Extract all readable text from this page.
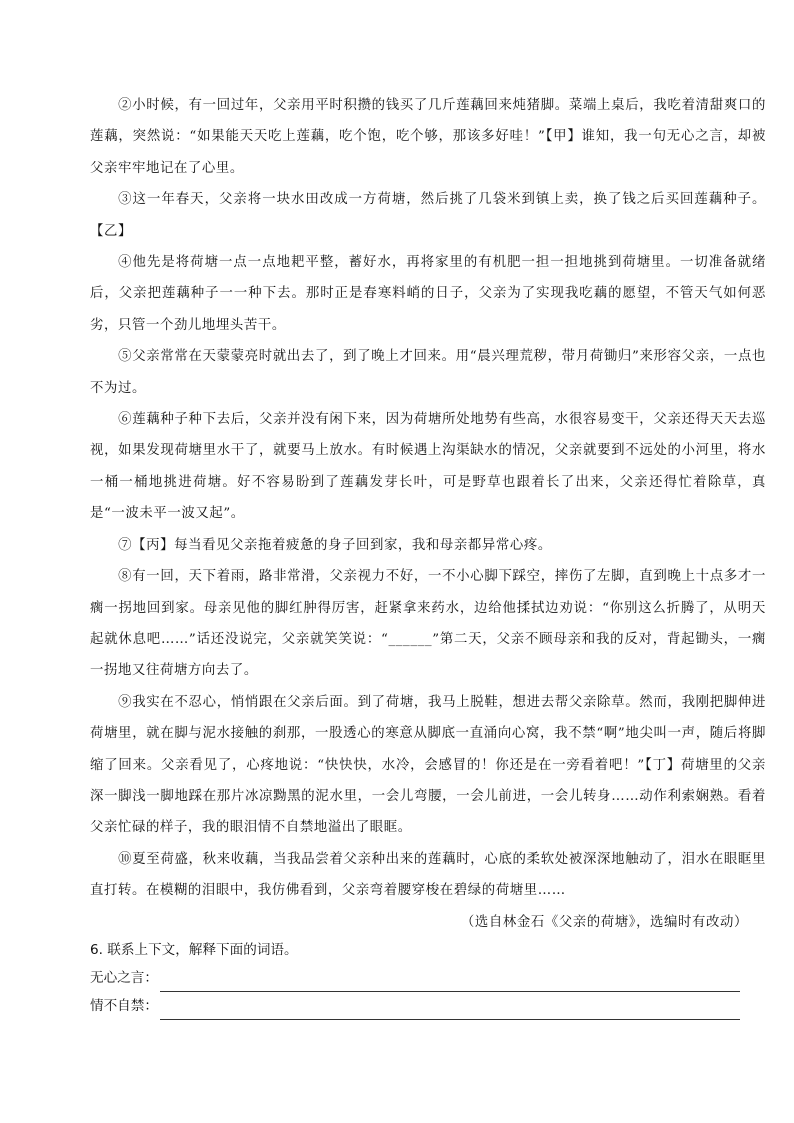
②小时候，有一回过年，父亲用平时积攒的钱买了几斤莲藕回来炖猪脚。菜端上桌后，我吃着清甜爽口的莲藕，突然说：“如果能天天吃上莲藕，吃个饱，吃个够，那该多好哇！”【甲】谁知，我一句无心之言，却被父亲牢牢地记在了心里。

③这一年春天，父亲将一块水田改成一方荷塘，然后挑了几袋米到镇上卖，换了钱之后买回莲藕种子。【乙】

④他先是将荷塘一点一点地耙平整，蓄好水，再将家里的有机肥一担一担地挑到荷塘里。一切准备就绪后，父亲把莲藕种子一一种下去。那时正是春寒料峭的日子，父亲为了实现我吃藕的愿望，不管天气如何恶劣，只管一个劲儿地埋头苦干。

⑤父亲常常在天蒙蒙亮时就出去了，到了晚上才回来。用“晨兴理荒秽，带月荷锄归”来形容父亲，一点也不为过。

⑥莲藕种子种下去后，父亲并没有闲下来，因为荷塘所处地势有些高，水很容易变干，父亲还得天天去巡视，如果发现荷塘里水干了，就要马上放水。有时候遇上沟渠缺水的情况，父亲就要到不远处的小河里，将水一桶一桶地挑进荷塘。好不容易盼到了莲藕发芽长叶，可是野草也跟着长了出来，父亲还得忙着除草，真是“一波未平一波又起”。

⑦【丙】每当看见父亲拖着疲惫的身子回到家，我和母亲都异常心疼。

⑧有一回，天下着雨，路非常滑，父亲视力不好，一不小心脚下踩空，摔伤了左脚，直到晚上十点多才一瘸一拐地回到家。母亲见他的脚红肿得厉害，赶紧拿来药水，边给他揉拭边劝说：“你别这么折腾了，从明天起就休息吧……”话还没说完，父亲就笑笑说：“______”第二天，父亲不顾母亲和我的反对，背起锄头，一瘸一拐地又往荷塘方向去了。

⑨我实在不忍心，悄悄跟在父亲后面。到了荷塘，我马上脱鞋，想进去帮父亲除草。然而，我刚把脚伸进荷塘里，就在脚与泥水接触的刹那，一股透心的寒意从脚底一直涌向心窝，我不禁“啊”地尖叫一声，随后将脚缩了回来。父亲看见了，心疼地说：“快快快，水冷，会感冒的！你还是在一旁看着吧！”【丁】荷塘里的父亲深一脚浅一脚地踩在那片冰凉黝黑的泥水里，一会儿弯腰，一会儿前进，一会儿转身……动作利索娴熟。看着父亲忙碌的样子，我的眼泪情不自禁地溢出了眼眶。

⑩夏至荷盛，秋来收藕，当我品尝着父亲种出来的莲藕时，心底的柔软处被深深地触动了，泪水在眼眶里直打转。在模糊的泪眼中，我仿佛看到，父亲弯着腰穿梭在碧绿的荷塘里……

（选自林金石《父亲的荷塘》，选编时有改动）

6. 联系上下文，解释下面的词语。
无心之言：
情不自禁：
